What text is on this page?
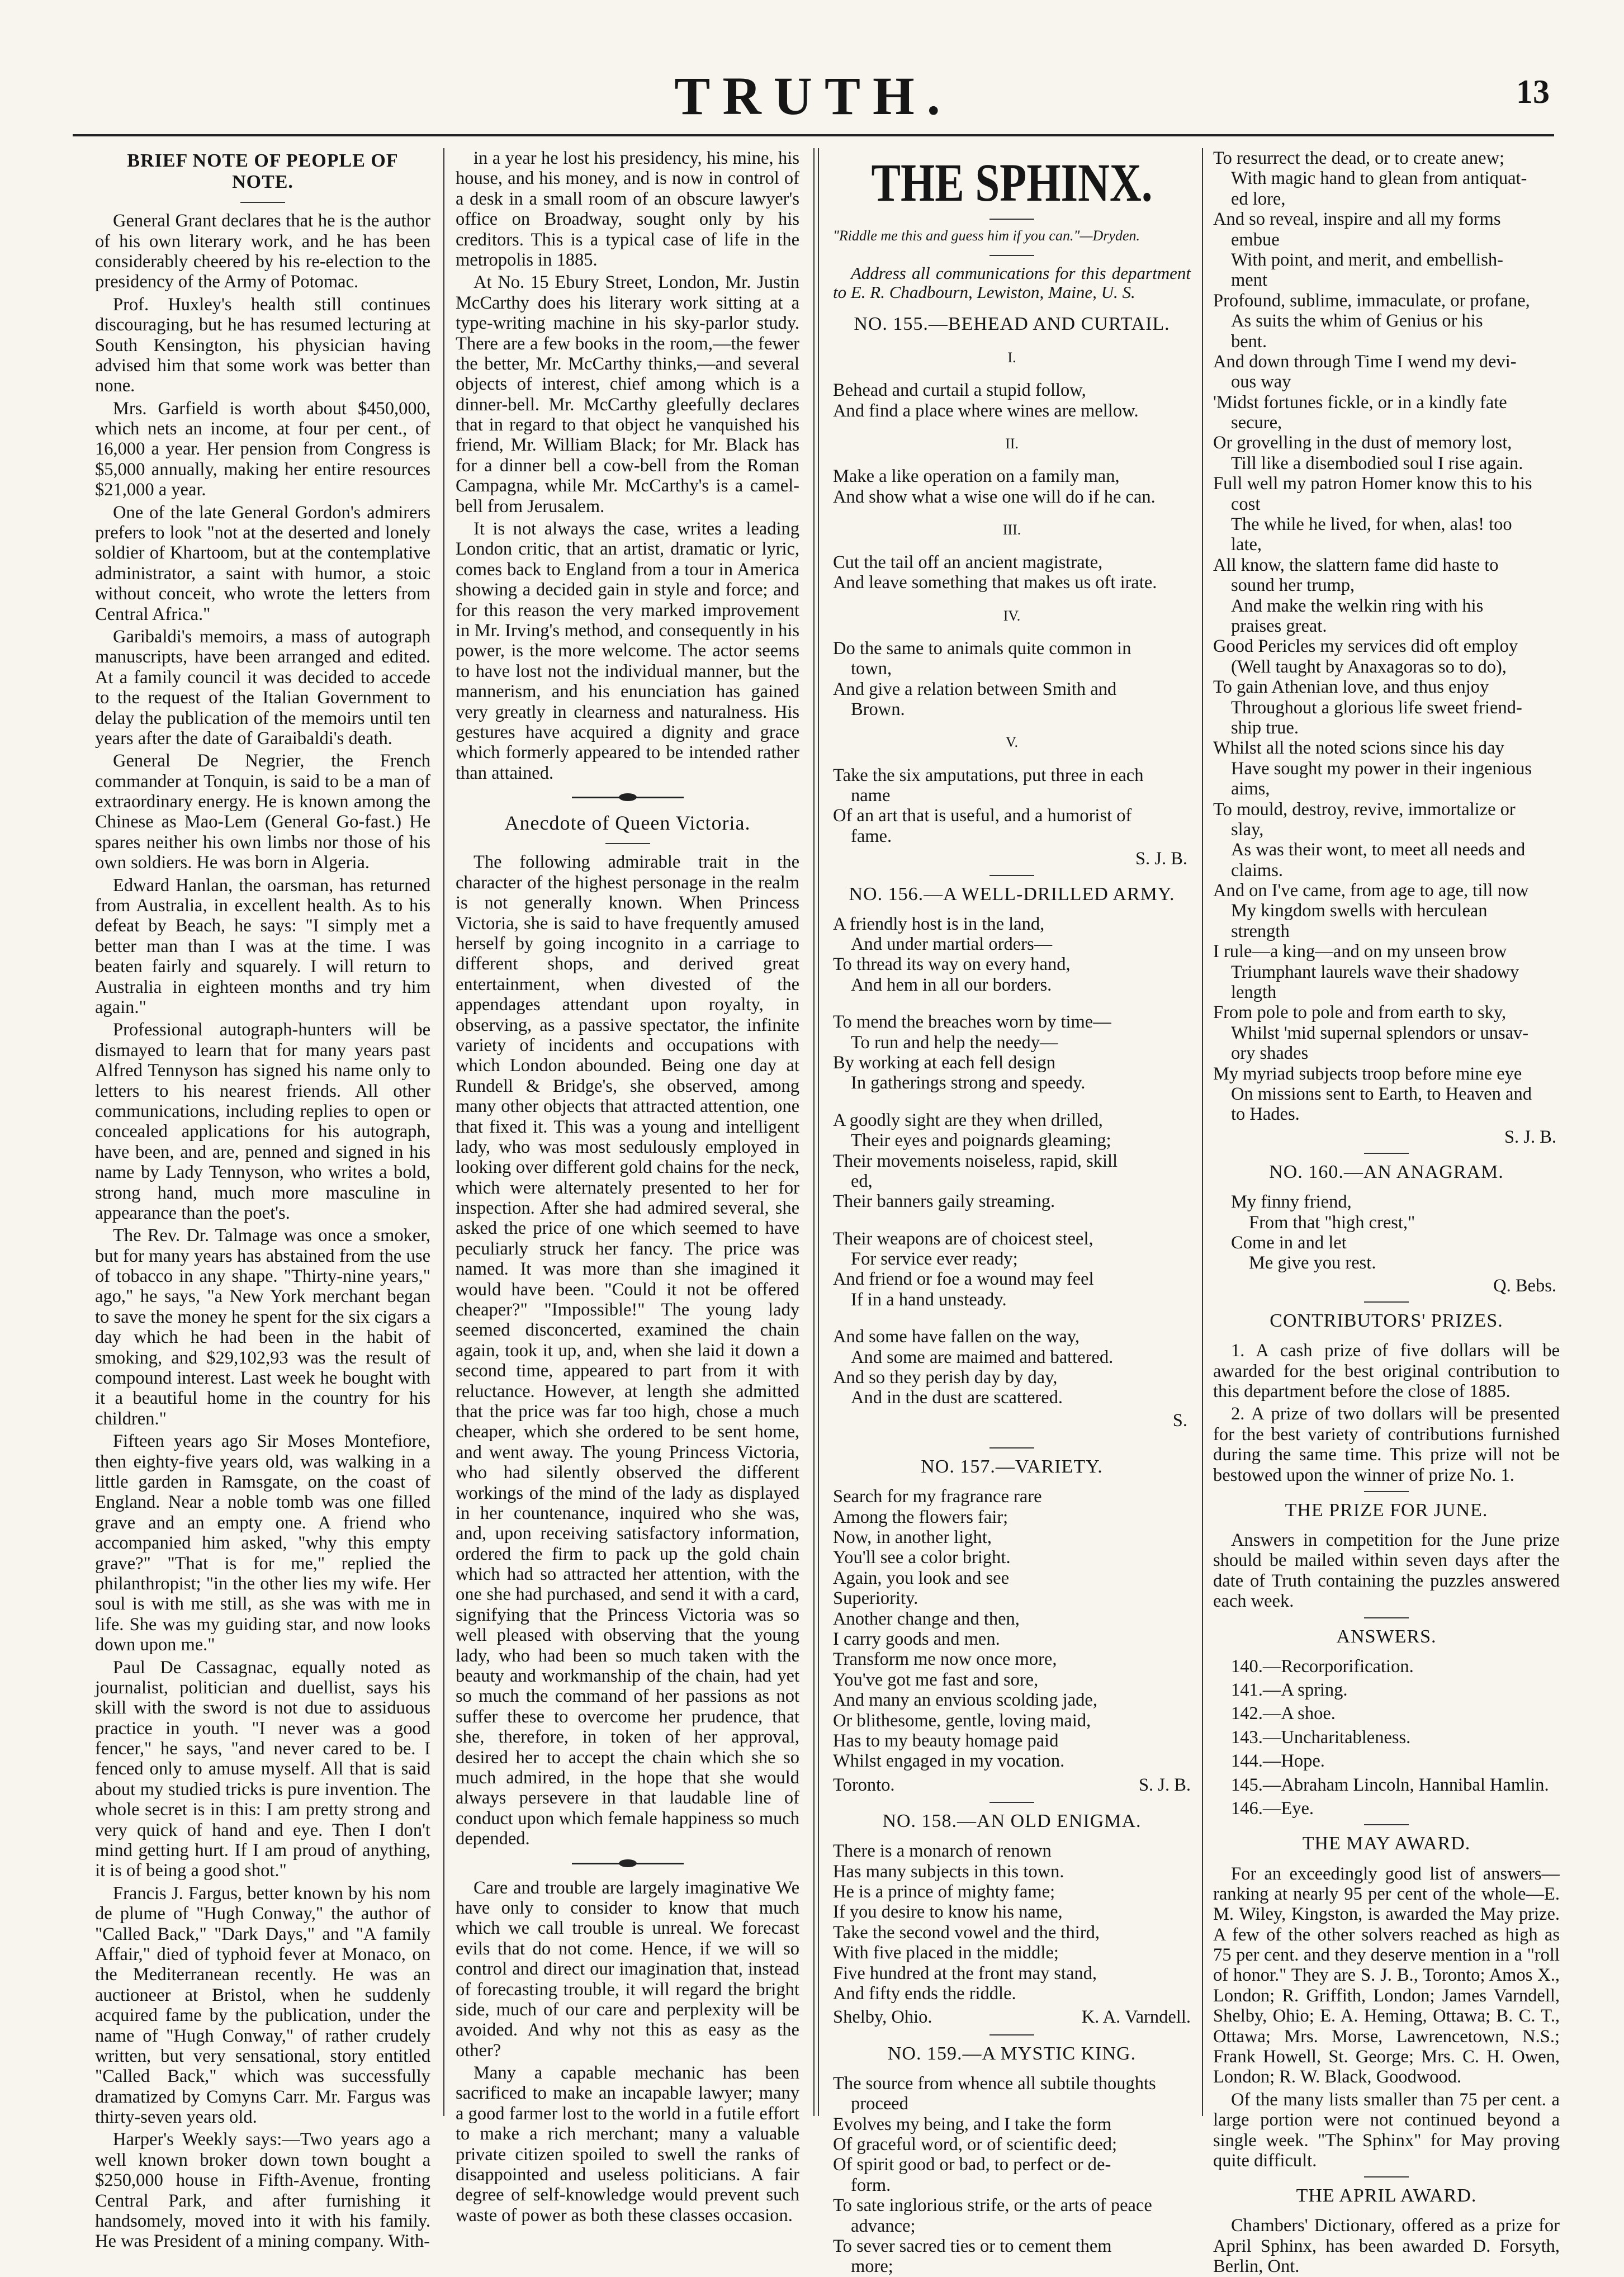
TRUTH.	13
BRIEF NOTE OF PEOPLE OF NOTE.

General Grant declares that he is the author of his own literary work, and he has been considerably cheered by his re-election to the presidency of the Army of Potomac.

Prof. Huxley's health still continues discouraging, but he has resumed lecturing at South Kensington, his physician having advised him that some work was better than none.

Mrs. Garfield is worth about $450,000, which nets an income, at four per cent., of 16,000 a year. Her pension from Congress is $5,000 annually, making her entire resources $21,000 a year.

One of the late General Gordon's admirers prefers to look "not at the deserted and lonely soldier of Khartoom, but at the contemplative administrator, a saint with humor, a stoic without conceit, who wrote the letters from Central Africa."

Garibaldi's memoirs, a mass of autograph manuscripts, have been arranged and edited. At a family council it was decided to accede to the request of the Italian Government to delay the publication of the memoirs until ten years after the date of Garaibaldi's death.

General De Negrier, the French commander at Tonquin, is said to be a man of extraordinary energy. He is known among the Chinese as Mao-Lem (General Go-fast.) He spares neither his own limbs nor those of his own soldiers. He was born in Algeria.

Edward Hanlan, the oarsman, has returned from Australia, in excellent health. As to his defeat by Beach, he says: "I simply met a better man than I was at the time. I was beaten fairly and squarely. I will return to Australia in eighteen months and try him again."

Professional autograph-hunters will be dismayed to learn that for many years past Alfred Tennyson has signed his name only to letters to his nearest friends. All other communications, including replies to open or concealed applications for his autograph, have been, and are, penned and signed in his name by Lady Tennyson, who writes a bold, strong hand, much more masculine in appearance than the poet's.

The Rev. Dr. Talmage was once a smoker, but for many years has abstained from the use of tobacco in any shape. "Thirty-nine years," ago," he says, "a New York merchant began to save the money he spent for the six cigars a day which he had been in the habit of smoking, and $29,102,93 was the result of compound interest. Last week he bought with it a beautiful home in the country for his children."

Fifteen years ago Sir Moses Montefiore, then eighty-five years old, was walking in a little garden in Ramsgate, on the coast of England. Near a noble tomb was one filled grave and an empty one. A friend who accompanied him asked, "why this empty grave?" "That is for me," replied the philanthropist; "in the other lies my wife. Her soul is with me still, as she was with me in life. She was my guiding star, and now looks down upon me."

Paul De Cassagnac, equally noted as journalist, politician and duellist, says his skill with the sword is not due to assiduous practice in youth. "I never was a good fencer," he says, "and never cared to be. I fenced only to amuse myself. All that is said about my studied tricks is pure invention. The whole secret is in this: I am pretty strong and very quick of hand and eye. Then I don't mind getting hurt. If I am proud of anything, it is of being a good shot."

Francis J. Fargus, better known by his nom de plume of "Hugh Conway," the author of "Called Back," "Dark Days," and "A family Affair," died of typhoid fever at Monaco, on the Mediterranean recently. He was an auctioneer at Bristol, when he suddenly acquired fame by the publication, under the name of "Hugh Conway," of rather crudely written, but very sensational, story entitled "Called Back," which was successfully dramatized by Comyns Carr. Mr. Fargus was thirty-seven years old.

Harper's Weekly says:—Two years ago a well known broker down town bought a $250,000 house in Fifth-Avenue, fronting Central Park, and after furnishing it handsomely, moved into it with his family. He was President of a mining company. With-

in a year he lost his presidency, his mine, his house, and his money, and is now in control of a desk in a small room of an obscure lawyer's office on Broadway, sought only by his creditors. This is a typical case of life in the metropolis in 1885.

At No. 15 Ebury Street, London, Mr. Justin McCarthy does his literary work sitting at a type-writing machine in his sky-parlor study. There are a few books in the room,—the fewer the better, Mr. McCarthy thinks,—and several objects of interest, chief among which is a dinner-bell. Mr. McCarthy gleefully declares that in regard to that object he vanquished his friend, Mr. William Black; for Mr. Black has for a dinner bell a cow-bell from the Roman Campagna, while Mr. McCarthy's is a camel-bell from Jerusalem.

It is not always the case, writes a leading London critic, that an artist, dramatic or lyric, comes back to England from a tour in America showing a decided gain in style and force; and for this reason the very marked improvement in Mr. Irving's method, and consequently in his power, is the more welcome. The actor seems to have lost not the individual manner, but the mannerism, and his enunciation has gained very greatly in clearness and naturalness. His gestures have acquired a dignity and grace which formerly appeared to be intended rather than attained.

Anecdote of Queen Victoria.

The following admirable trait in the character of the highest personage in the realm is not generally known. When Princess Victoria, she is said to have frequently amused herself by going incognito in a carriage to different shops, and derived great entertainment, when divested of the appendages attendant upon royalty, in observing, as a passive spectator, the infinite variety of incidents and occupations with which London abounded. Being one day at Rundell & Bridge's, she observed, among many other objects that attracted attention, one that fixed it. This was a young and intelligent lady, who was most sedulously employed in looking over different gold chains for the neck, which were alternately presented to her for inspection. After she had admired several, she asked the price of one which seemed to have peculiarly struck her fancy. The price was named. It was more than she imagined it would have been. "Could it not be offered cheaper?" "Impossible!" The young lady seemed disconcerted, examined the chain again, took it up, and, when she laid it down a second time, appeared to part from it with reluctance. However, at length she admitted that the price was far too high, chose a much cheaper, which she ordered to be sent home, and went away. The young Princess Victoria, who had silently observed the different workings of the mind of the lady as displayed in her countenance, inquired who she was, and, upon receiving satisfactory information, ordered the firm to pack up the gold chain which had so attracted her attention, with the one she had purchased, and send it with a card, signifying that the Princess Victoria was so well pleased with observing that the young lady, who had been so much taken with the beauty and workmanship of the chain, had yet so much the command of her passions as not suffer these to overcome her prudence, that she, therefore, in token of her approval, desired her to accept the chain which she so much admired, in the hope that she would always persevere in that laudable line of conduct upon which female happiness so much depended.

Care and trouble are largely imaginative We have only to consider to know that much which we call trouble is unreal. We forecast evils that do not come. Hence, if we will so control and direct our imagination that, instead of forecasting trouble, it will regard the bright side, much of our care and perplexity will be avoided. And why not this as easy as the other?

Many a capable mechanic has been sacrificed to make an incapable lawyer; many a good farmer lost to the world in a futile effort to make a rich merchant; many a valuable private citizen spoiled to swell the ranks of disappointed and useless politicians. A fair degree of self-knowledge would prevent such waste of power as both these classes occasion.

THE SPHINX.
"Riddle me this and guess him if you can."—Dryden.
Address all communications for this department to E. R. Chadbourn, Lewiston, Maine, U. S.
NO. 155.—BEHEAD AND CURTAIL.
I.
Behead and curtail a stupid follow,
And find a place where wines are mellow.
II.
Make a like operation on a family man,
And show what a wise one will do if he can.
III.
Cut the tail off an ancient magistrate,
And leave something that makes us oft irate.
IV.
Do the same to animals quite common in
town,
And give a relation between Smith and
Brown.
V.
Take the six amputations, put three in each
name
Of an art that is useful, and a humorist of
fame.
S. J. B.
NO. 156.—A WELL-DRILLED ARMY.
A friendly host is in the land,
And under martial orders—
To thread its way on every hand,
And hem in all our borders.
To mend the breaches worn by time—
To run and help the needy—
By working at each fell design
In gatherings strong and speedy.
A goodly sight are they when drilled,
Their eyes and poignards gleaming;
Their movements noiseless, rapid, skill
ed,
Their banners gaily streaming.
Their weapons are of choicest steel,
For service ever ready;
And friend or foe a wound may feel
If in a hand unsteady.
And some have fallen on the way,
And some are maimed and battered.
And so they perish day by day,
And in the dust are scattered.
S.
NO. 157.—VARIETY.
Search for my fragrance rare
Among the flowers fair;
Now, in another light,
You'll see a color bright.
Again, you look and see
Superiority.
Another change and then,
I carry goods and men.
Transform me now once more,
You've got me fast and sore,
And many an envious scolding jade,
Or blithesome, gentle, loving maid,
Has to my beauty homage paid
Whilst engaged in my vocation.
Toronto.	S. J. B.
NO. 158.—AN OLD ENIGMA.
There is a monarch of renown
Has many subjects in this town.
He is a prince of mighty fame;
If you desire to know his name,
Take the second vowel and the third,
With five placed in the middle;
Five hundred at the front may stand,
And fifty ends the riddle.
Shelby, Ohio.	K. A. Varndell.
NO. 159.—A MYSTIC KING.
The source from whence all subtile thoughts
proceed
Evolves my being, and I take the form
Of graceful word, or of scientific deed;
Of spirit good or bad, to perfect or de-
form.
To sate inglorious strife, or the arts of peace
advance;
To sever sacred ties or to cement them
more;
To resurrect the dead, or to create anew;
With magic hand to glean from antiquat-
ed lore,
And so reveal, inspire and all my forms
embue
With point, and merit, and embellish-
ment
Profound, sublime, immaculate, or profane,
As suits the whim of Genius or his
bent.
And down through Time I wend my devi-
ous way
'Midst fortunes fickle, or in a kindly fate
secure,
Or grovelling in the dust of memory lost,
Till like a disembodied soul I rise again.
Full well my patron Homer know this to his
cost
The while he lived, for when, alas! too
late,
All know, the slattern fame did haste to
sound her trump,
And make the welkin ring with his
praises great.
Good Pericles my services did oft employ
(Well taught by Anaxagoras so to do),
To gain Athenian love, and thus enjoy
Throughout a glorious life sweet friend-
ship true.
Whilst all the noted scions since his day
Have sought my power in their ingenious
aims,
To mould, destroy, revive, immortalize or
slay,
As was their wont, to meet all needs and
claims.
And on I've came, from age to age, till now
My kingdom swells with herculean
strength
I rule—a king—and on my unseen brow
Triumphant laurels wave their shadowy
length
From pole to pole and from earth to sky,
Whilst 'mid supernal splendors or unsav-
ory shades
My myriad subjects troop before mine eye
On missions sent to Earth, to Heaven and
to Hades.
S. J. B.
NO. 160.—AN ANAGRAM.
My finny friend,
From that "high crest,"
Come in and let
Me give you rest.
Q. Bebs.
CONTRIBUTORS' PRIZES.

1. A cash prize of five dollars will be awarded for the best original contribution to this department before the close of 1885.

2. A prize of two dollars will be presented for the best variety of contributions furnished during the same time. This prize will not be bestowed upon the winner of prize No. 1.

THE PRIZE FOR JUNE.

Answers in competition for the June prize should be mailed within seven days after the date of Truth containing the puzzles answered each week.

ANSWERS.
140.—Recorporification.
141.—A spring.
142.—A shoe.
143.—Uncharitableness.
144.—Hope.
145.—Abraham Lincoln, Hannibal Hamlin.
146.—Eye.
THE MAY AWARD.

For an exceedingly good list of answers—ranking at nearly 95 per cent of the whole—E. M. Wiley, Kingston, is awarded the May prize. A few of the other solvers reached as high as 75 per cent. and they deserve mention in a "roll of honor." They are S. J. B., Toronto; Amos X., London; R. Griffith, London; James Varndell, Shelby, Ohio; E. A. Heming, Ottawa; B. C. T., Ottawa; Mrs. Morse, Lawrencetown, N.S.; Frank Howell, St. George; Mrs. C. H. Owen, London; R. W. Black, Goodwood.

Of the many lists smaller than 75 per cent. a large portion were not continued beyond a single week. "The Sphinx" for May proving quite difficult.

THE APRIL AWARD.

Chambers' Dictionary, offered as a prize for April Sphinx, has been awarded D. Forsyth, Berlin, Ont.
